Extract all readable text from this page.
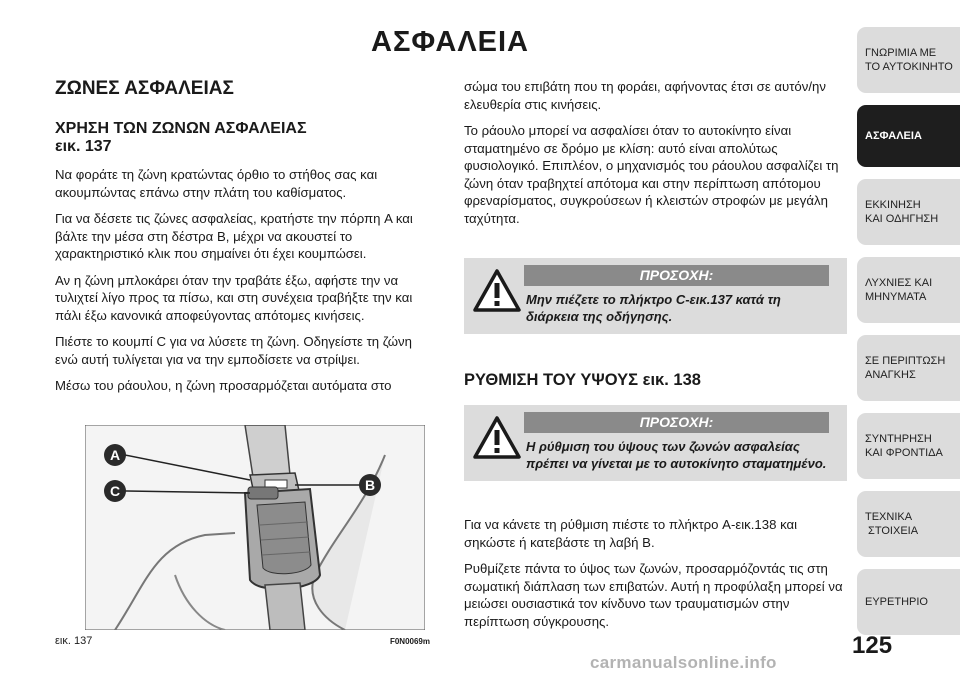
ΑΣΦΑΛΕΙΑ
ΖΩΝΕΣ ΑΣΦΑΛΕΙΑΣ
ΧΡΗΣΗ ΤΩΝ ΖΩΝΩΝ ΑΣΦΑΛΕΙΑΣ
εικ. 137

Να φοράτε τη ζώνη κρατώντας όρθιο το στήθος σας και ακουμπώντας επάνω στην πλάτη του καθίσματος.

Για να δέσετε τις ζώνες ασφαλείας, κρατήστε την πόρπη A και βάλτε την μέσα στη δέστρα B, μέχρι να ακουστεί το χαρακτηριστικό κλικ που σημαίνει ότι έχει κουμπώσει.

Αν η ζώνη μπλοκάρει όταν την τραβάτε έξω, αφήστε την να τυλιχτεί λίγο προς τα πίσω, και στη συνέχεια τραβήξτε την και πάλι έξω κανονικά αποφεύγοντας απότομες κινήσεις.

Πιέστε το κουμπί C για να λύσετε τη ζώνη. Οδηγείστε τη ζώνη ενώ αυτή τυλίγεται για να την εμποδίσετε να στρίψει.

Μέσω του ράουλου, η ζώνη προσαρμόζεται αυτόματα στο

A
B
C
εικ. 137	F0N0069m

σώμα του επιβάτη που τη φοράει, αφήνοντας έτσι σε αυτόν/ην ελευθερία στις κινήσεις.

Το ράουλο μπορεί να ασφαλίσει όταν το αυτοκίνητο είναι σταματημένο σε δρόμο με κλίση: αυτό είναι απολύτως φυσιολογικό. Επιπλέον, ο μηχανισμός του ράουλου ασφαλίζει τη ζώνη όταν τραβηχτεί απότομα και στην περίπτωση απότομου φρεναρίσματος, συγκρούσεων ή κλειστών στροφών με μεγάλη ταχύτητα.

ΠΡΟΣΟΧΗ:
Μην πιέζετε το πλήκτρο C-εικ.137 κατά τη
διάρκεια της οδήγησης.
ΡΥΘΜΙΣΗ ΤΟΥ ΥΨΟΥΣ εικ. 138
ΠΡΟΣΟΧΗ:
Η ρύθμιση του ύψους των ζωνών ασφαλείας
πρέπει να γίνεται με το αυτοκίνητο σταματημένο.

Για να κάνετε τη ρύθμιση πιέστε το πλήκτρο A-εικ.138 και σηκώστε ή κατεβάστε τη λαβή B.

Ρυθμίζετε πάντα το ύψος των ζωνών, προσαρμόζοντάς τις στη σωματική διάπλαση των επιβατών. Αυτή η προφύλαξη μπορεί να μειώσει ουσιαστικά τον κίνδυνο των τραυματισμών στην περίπτωση σύγκρουσης.

ΓΝΩΡΙΜΙΑ ΜΕ
ΤΟ ΑΥΤΟΚΙΝΗΤΟ
ΑΣΦΑΛΕΙΑ
ΕΚΚΙΝΗΣΗ
ΚΑΙ ΟΔΗΓΗΣΗ
ΛΥΧΝΙΕΣ ΚΑΙ
ΜΗΝΥΜΑΤΑ
ΣΕ ΠΕΡΙΠΤΩΣΗ
ΑΝΑΓΚΗΣ
ΣΥΝΤΗΡΗΣΗ
ΚΑΙ ΦΡΟΝΤΙΔΑ
ΤΕΧΝΙΚΑ
ΣΤΟΙΧΕΙΑ
ΕΥΡΕΤΗΡΙΟ
125
carmanualsonline.info
